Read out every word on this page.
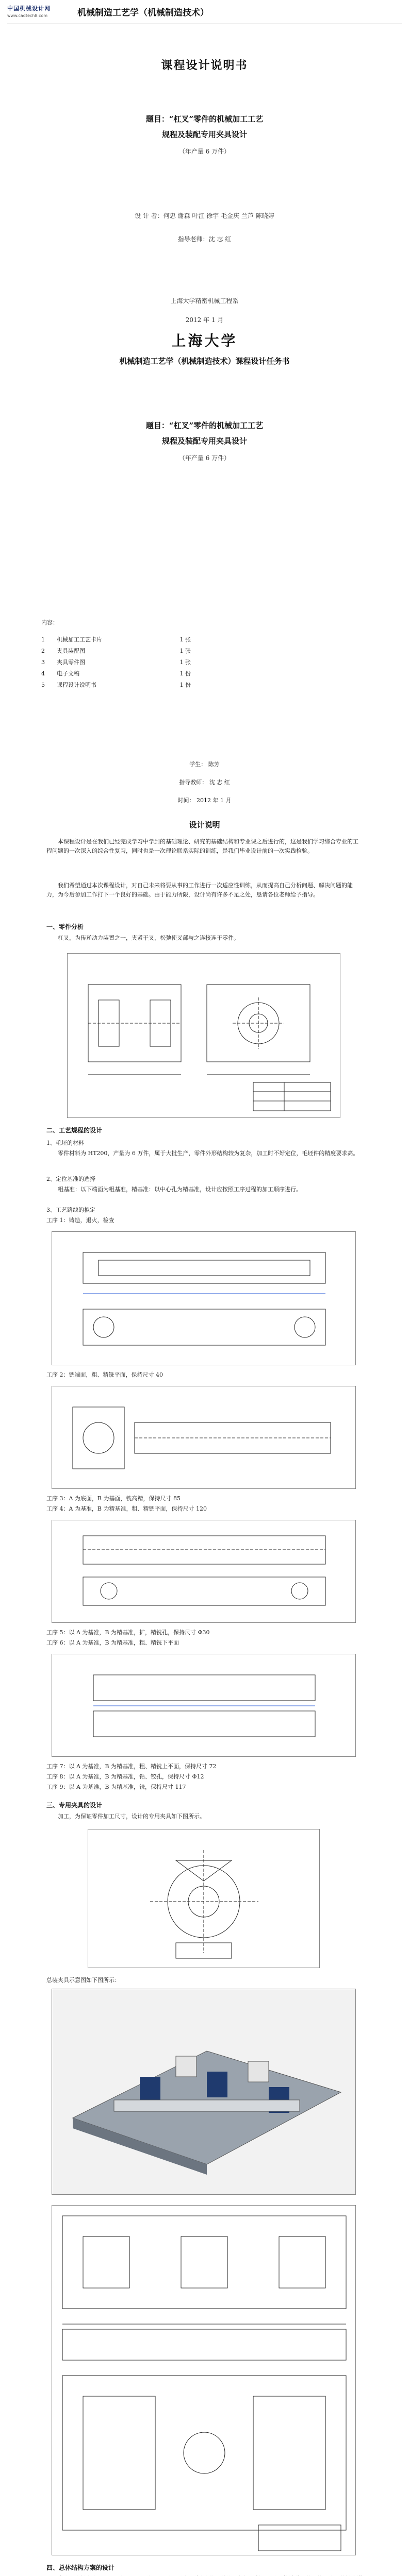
中国机械设计网
www.cadtech8.com	机械制造工艺学（机械制造技术）
课程设计说明书
题目：“杠叉”零件的机械加工工艺
规程及装配专用夹具设计
（年产量 6 万件）
设 计 者：何忠 谢森 叶江 徐宇 毛金庆 兰芦 陈晓婷
指导老师：沈 志 红
上海大学精密机械工程系
2012 年 1 月
上海大学
机械制造工艺学（机械制造技术）课程设计任务书
题目：“杠叉”零件的机械加工工艺
规程及装配专用夹具设计
（年产量 6 万件）
内容：
1	机械加工工艺卡片	1 张
2	夹具装配图	1 张
3	夹具零件图	1 张
4	电子文稿	1 份
5	课程设计说明书	1 份
学生： 陈芳
指导教师： 沈 志 红
时间： 2012 年 1 月
设计说明
本课程设计是在我们已经完成学习中学到的基础理论、研究的基础结构和专业课之后进行的，这是我们学习综合专业的工程问题的一次深入的综合性复习，同时也是一次理论联系实际的训练，是我们毕业设计前的一次实践检验。
我们希望通过本次课程设计，对自己未来将要从事的工作进行一次适应性训练，从而提高自己分析问题、解决问题的能力，为今后参加工作打下一个良好的基础。由于能力所限，设计尚有许多不足之处，恳请各位老师给予指导。
一、零件分析
杠叉，为传递动力装置之一，夹紧于叉，松弛使叉部与之连接连于零件。
二、工艺规程的设计
1、毛坯的材料
零件材料为 HT200，产量为 6 万件，属于大批生产，零件外形结构较为复杂，加工时不好定位，毛坯件的精度要求高。
2、定位基准的选择
粗基准：以下端面为粗基准，精基准：以中心孔为精基准，设计应按照工序过程的加工顺序进行。
3、工艺路线的拟定
工序 1：铸造，退火，检查
工序 2：铣端面，粗、精铣平面，保持尺寸 40
工序 3：A 为底面，B 为基面，铣高精，保持尺寸 85
工序 4：A 为基准，B 为精基准，粗、精铣平面，保持尺寸 120
工序 5：以 A 为基准，B 为精基准，扩，精铣孔，保持尺寸 Φ30
工序 6：以 A 为基准，B 为精基准，粗、精铣下平面
工序 7：以 A 为基准，B 为精基准，粗、精铣上平面，保持尺寸 72
工序 8：以 A 为基准，B 为精基准，钻、铰孔，保持尺寸 Φ12
工序 9：以 A 为基准，B 为精基准，铣，保持尺寸 117
三、专用夹具的设计
加工，为保证零件加工尺寸，设计的专用夹具如下图所示。
总装夹具示意图如下图所示：
四、总体结构方案的设计
